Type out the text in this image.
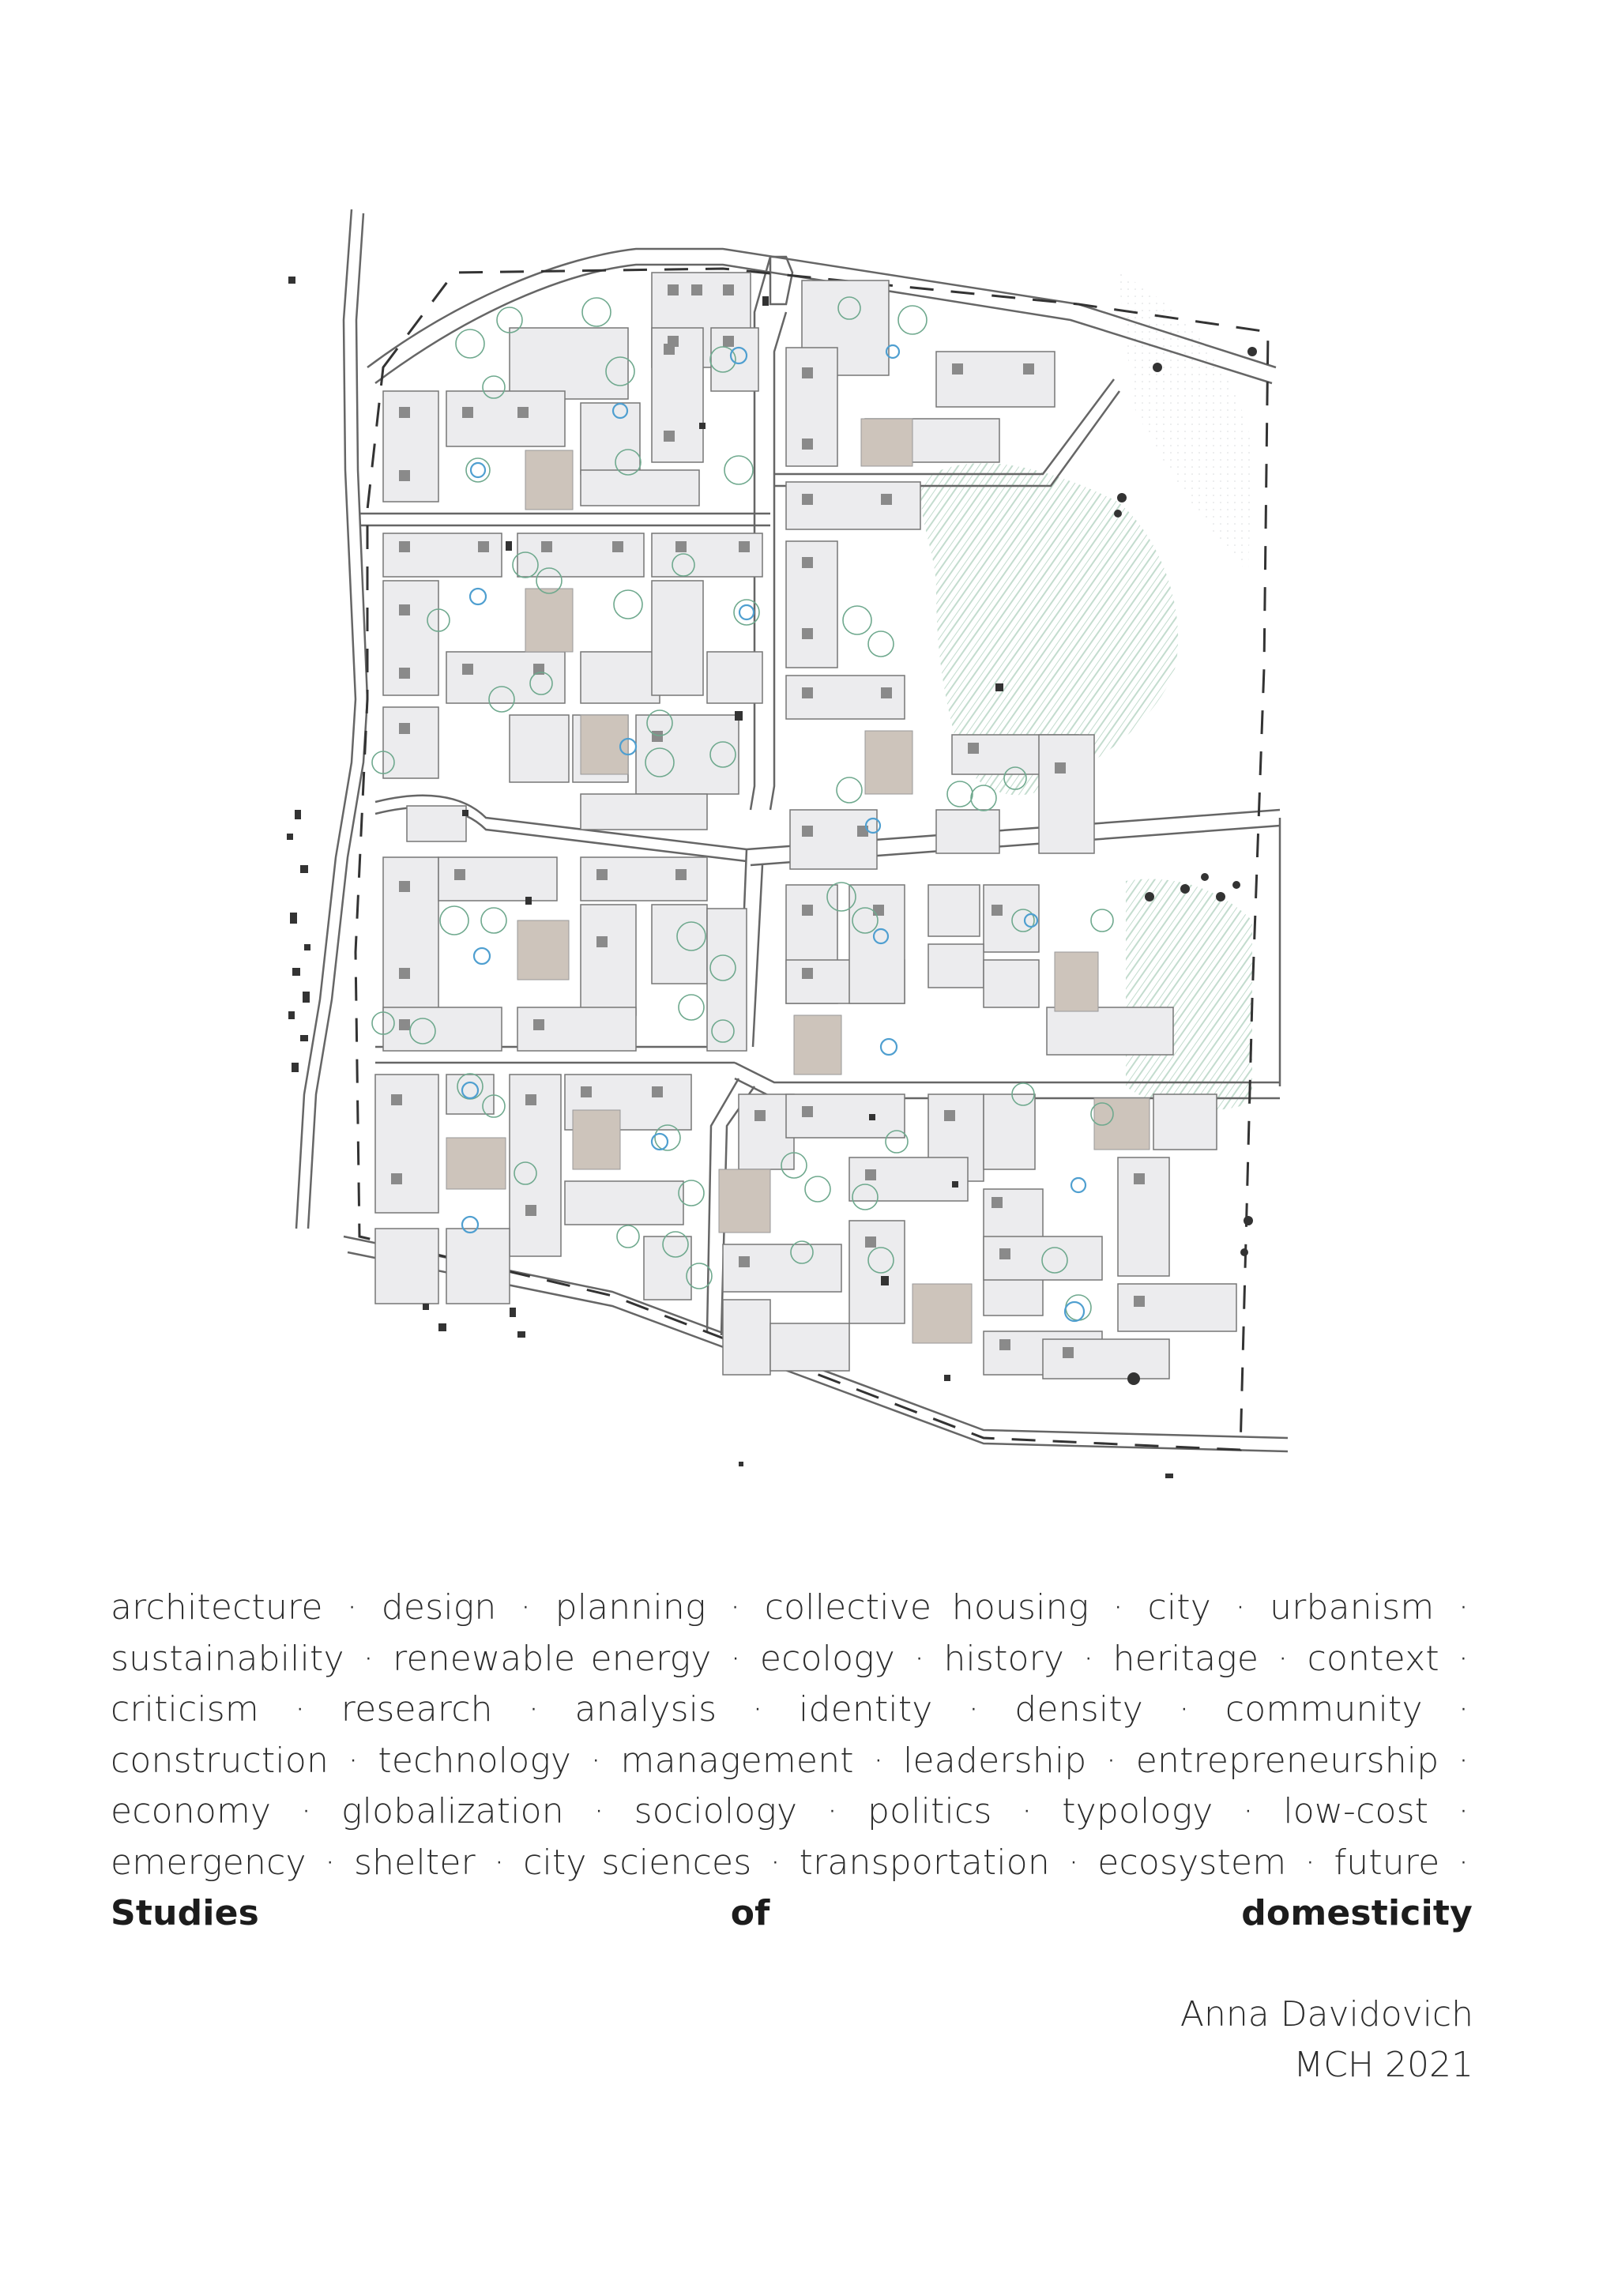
architecture · design · planning · collective housing · city · urbanism · sustainability · renewable energy · ecology · history · heritage · context · criticism · research · analysis · identity · density · community · construction · technology · management · leadership · entrepreneurship · economy · globalization · sociology · politics · typology · low-cost · emergency · shelter · city sciences · transportation · ecosystem · future · Studies of domesticity
Anna Davidovich
MCH 2021
